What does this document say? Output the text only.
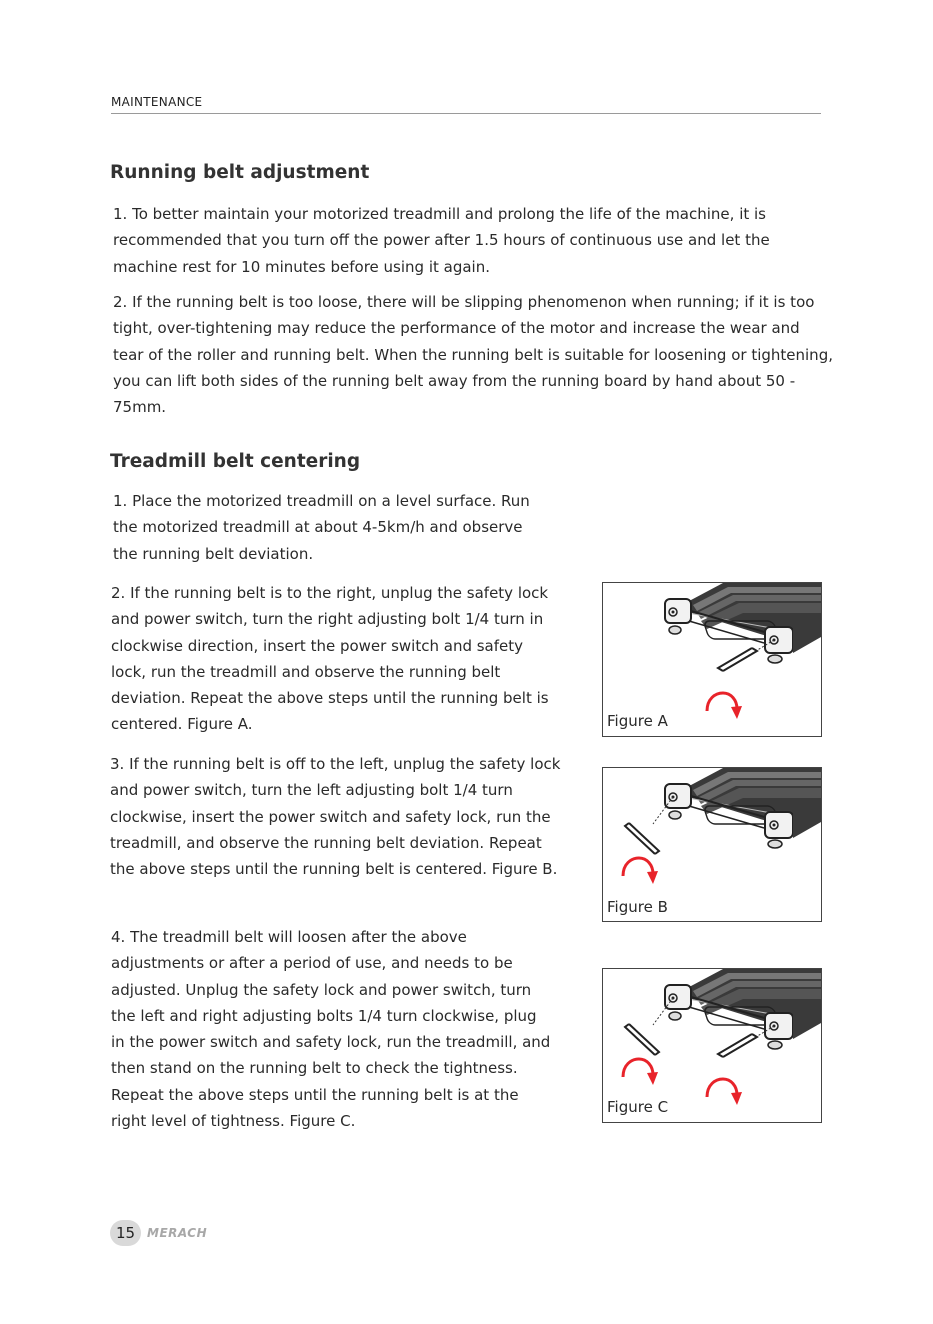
MAINTENANCE
Running belt adjustment

1. To better maintain your motorized treadmill and prolong the life of the machine, it is recommended that you turn off the power after 1.5 hours of continuous use and let the machine rest for 10 minutes before using it again.

2. If the running belt is too loose, there will be slipping phenomenon when running; if it is too tight, over-tightening may reduce the performance of the motor and increase the wear and tear of the roller and running belt. When the running belt is suitable for loosening or tightening, you can lift both sides of the running belt away from the running board by hand about 50 - 75mm.

Treadmill belt centering

1. Place the motorized treadmill on a level surface. Run the motorized treadmill at about 4-5km/h and observe the running belt deviation.

2. If the running belt is to the right, unplug the safety lock and power switch, turn the right adjusting bolt 1/4 turn in clockwise direction, insert the power switch and safety lock, run the treadmill and observe the running belt deviation. Repeat the above steps until the running belt is centered. Figure A.

3. If the running belt is off to the left, unplug the safety lock and power switch, turn the left adjusting bolt 1/4 turn clockwise, insert the power switch and safety lock, run the treadmill, and observe the running belt deviation. Repeat the above steps until the running belt is centered. Figure B.

4. The treadmill belt will loosen after the above adjustments or after a period of use, and needs to be adjusted. Unplug the safety lock and power switch, turn the left and right adjusting bolts 1/4 turn clockwise, plug in the power switch and safety lock, run the treadmill, and then stand on the running belt to check the tightness. Repeat the above steps until the running belt is at the right level of tightness. Figure C.

Figure A
Figure B
Figure C
15 MERACH
